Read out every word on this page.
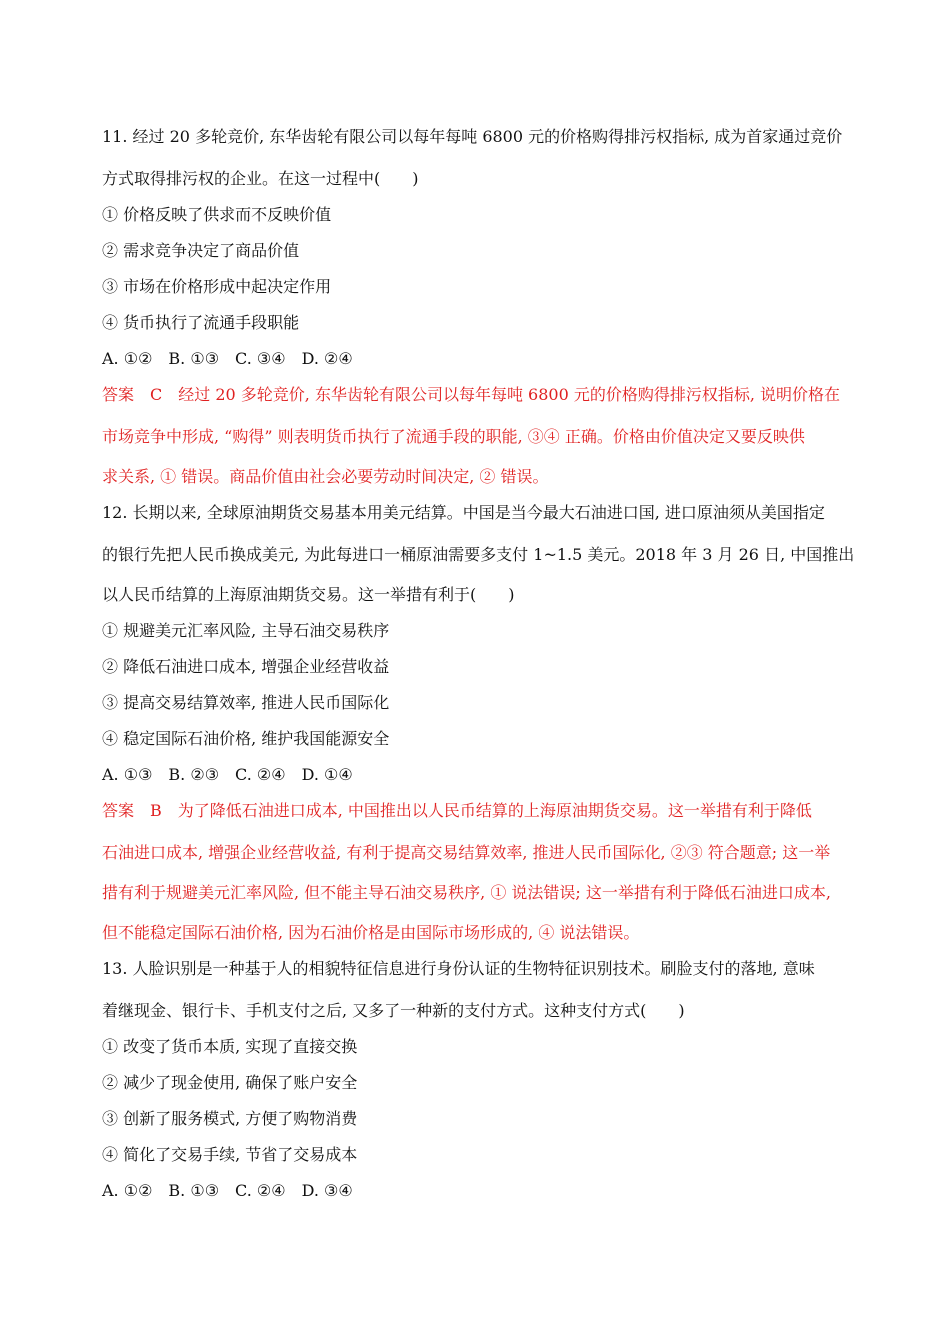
11. 经过 20 多轮竞价, 东华齿轮有限公司以每年每吨 6800 元的价格购得排污权指标, 成为首家通过竞价
方式取得排污权的企业。在这一过程中(　　)
① 价格反映了供求而不反映价值
② 需求竞争决定了商品价值
③ 市场在价格形成中起决定作用
④ 货币执行了流通手段职能
A. ①②　B. ①③　C. ③④　D. ②④
答案　C　经过 20 多轮竞价, 东华齿轮有限公司以每年每吨 6800 元的价格购得排污权指标, 说明价格在
市场竞争中形成, “购得” 则表明货币执行了流通手段的职能, ③④ 正确。价格由价值决定又要反映供
求关系, ① 错误。商品价值由社会必要劳动时间决定, ② 错误。
12. 长期以来, 全球原油期货交易基本用美元结算。中国是当今最大石油进口国, 进口原油须从美国指定
的银行先把人民币换成美元, 为此每进口一桶原油需要多支付 1~1.5 美元。2018 年 3 月 26 日, 中国推出
以人民币结算的上海原油期货交易。这一举措有利于(　　)
① 规避美元汇率风险, 主导石油交易秩序
② 降低石油进口成本, 增强企业经营收益
③ 提高交易结算效率, 推进人民币国际化
④ 稳定国际石油价格, 维护我国能源安全
A. ①③　B. ②③　C. ②④　D. ①④
答案　B　为了降低石油进口成本, 中国推出以人民币结算的上海原油期货交易。这一举措有利于降低
石油进口成本, 增强企业经营收益, 有利于提高交易结算效率, 推进人民币国际化, ②③ 符合题意; 这一举
措有利于规避美元汇率风险, 但不能主导石油交易秩序, ① 说法错误; 这一举措有利于降低石油进口成本,
但不能稳定国际石油价格, 因为石油价格是由国际市场形成的, ④ 说法错误。
13. 人脸识别是一种基于人的相貌特征信息进行身份认证的生物特征识别技术。刷脸支付的落地, 意味
着继现金、银行卡、手机支付之后, 又多了一种新的支付方式。这种支付方式(　　)
① 改变了货币本质, 实现了直接交换
② 减少了现金使用, 确保了账户安全
③ 创新了服务模式, 方便了购物消费
④ 简化了交易手续, 节省了交易成本
A. ①②　B. ①③　C. ②④　D. ③④
